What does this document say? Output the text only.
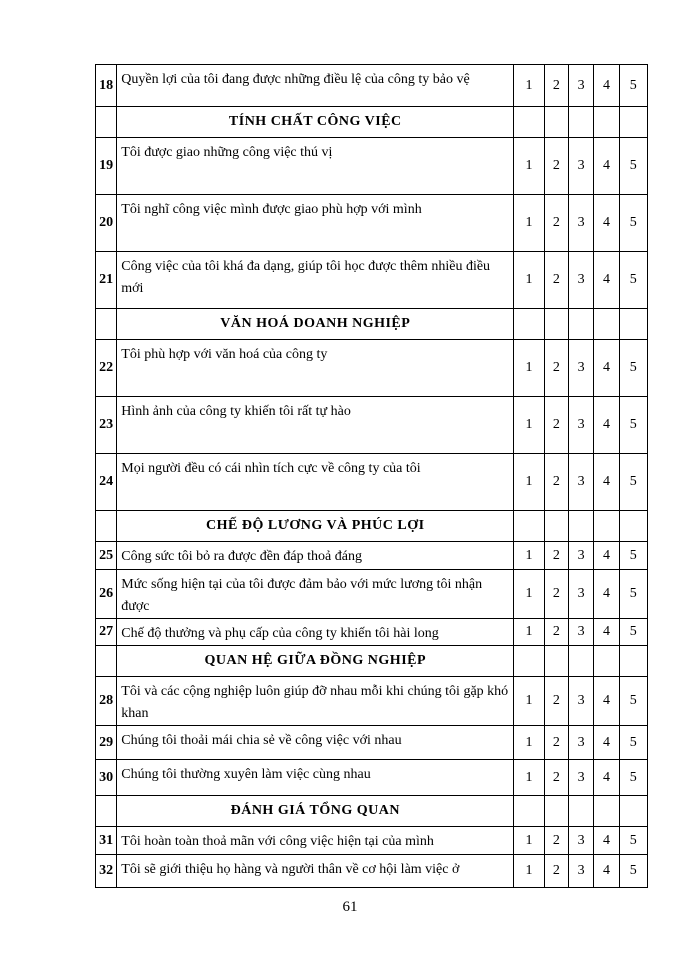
18	Quyền lợi của tôi đang được những điều lệ của công ty bảo vệ	1	2	3	4	5
	TÍNH CHẤT CÔNG VIỆC					
19	Tôi được giao những công việc thú vị	1	2	3	4	5
20	Tôi nghĩ công việc mình được giao phù hợp với mình	1	2	3	4	5
21	Công việc của tôi khá đa dạng, giúp tôi học được thêm nhiều điều mới	1	2	3	4	5
	VĂN HOÁ DOANH NGHIỆP					
22	Tôi phù hợp với văn hoá của công ty	1	2	3	4	5
23	Hình ảnh của công ty khiến tôi rất tự hào	1	2	3	4	5
24	Mọi người đều có cái nhìn tích cực về công ty của tôi	1	2	3	4	5
	CHẾ ĐỘ LƯƠNG VÀ PHÚC LỢI					
25	Công sức tôi bỏ ra được đền đáp thoả đáng	1	2	3	4	5
26	Mức sống hiện tại của tôi được đảm bảo với mức lương tôi nhận được	1	2	3	4	5
27	Chế độ thưởng và phụ cấp của công ty khiến tôi hài long	1	2	3	4	5
	QUAN HỆ GIỮA ĐỒNG NGHIỆP					
28	Tôi và các cộng nghiệp luôn giúp đỡ nhau mỗi khi chúng tôi gặp khó khan	1	2	3	4	5
29	Chúng tôi thoải mái chia sẻ về công việc với nhau	1	2	3	4	5
30	Chúng tôi thường xuyên làm việc cùng nhau	1	2	3	4	5
	ĐÁNH GIÁ TỔNG QUAN					
31	Tôi hoàn toàn thoả mãn với công việc hiện tại của mình	1	2	3	4	5
32	Tôi sẽ giới thiệu họ hàng và người thân về cơ hội làm việc ở	1	2	3	4	5
61
